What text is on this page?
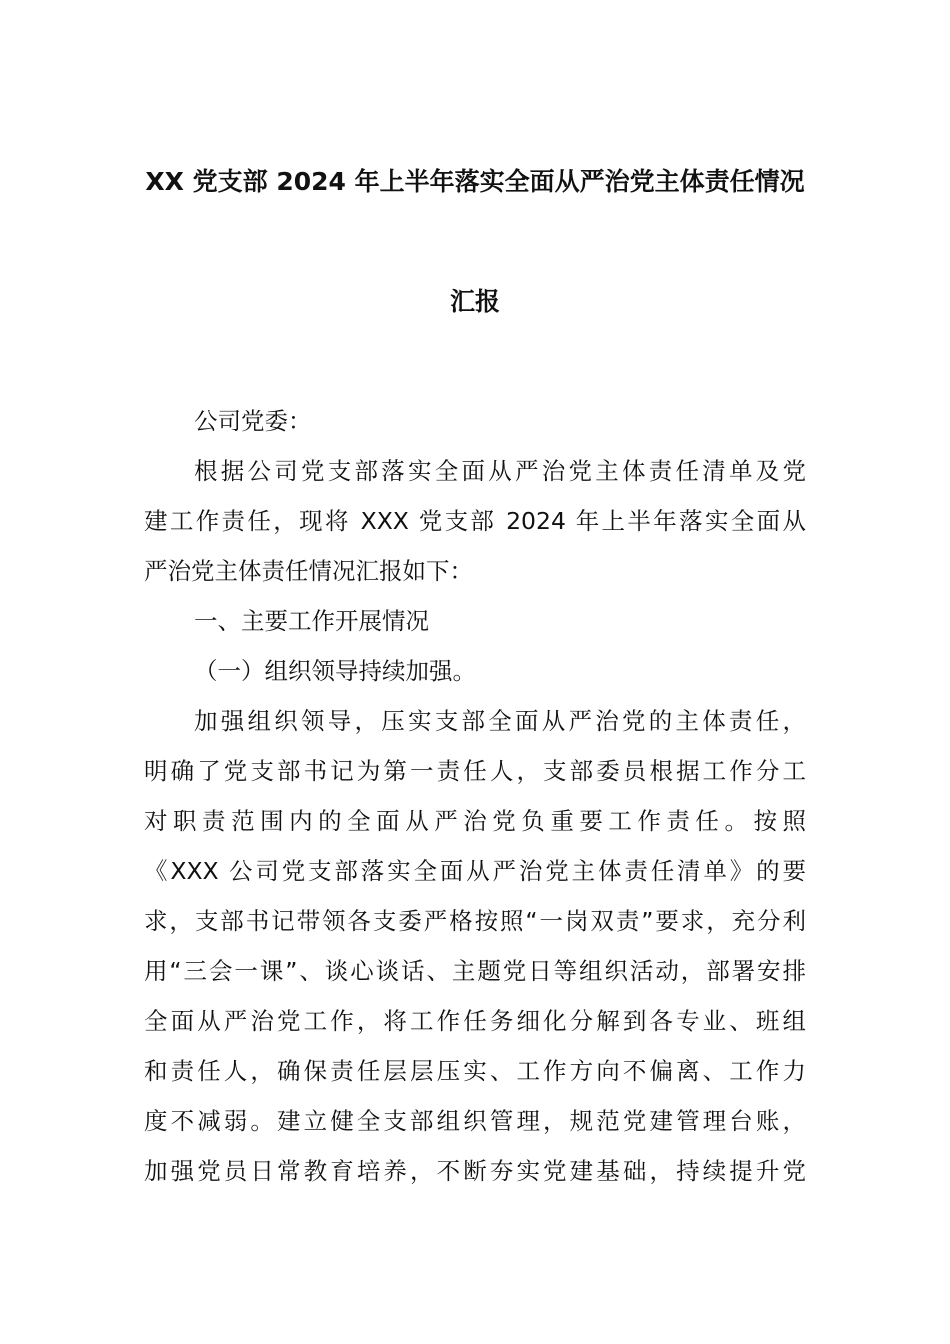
XX 党支部 2024 年上半年落实全面从严治党主体责任情况
汇报
公司党委：
根据公司党支部落实全面从严治党主体责任清单及党
建工作责任，现将 XXX 党支部 2024 年上半年落实全面从
严治党主体责任情况汇报如下：
一、主要工作开展情况
（一）组织领导持续加强。
加强组织领导，压实支部全面从严治党的主体责任，
明确了党支部书记为第一责任人，支部委员根据工作分工
对职责范围内的全面从严治党负重要工作责任。按照
《XXX 公司党支部落实全面从严治党主体责任清单》的要
求，支部书记带领各支委严格按照“一岗双责”要求，充分利
用“三会一课”、谈心谈话、主题党日等组织活动，部署安排
全面从严治党工作，将工作任务细化分解到各专业、班组
和责任人，确保责任层层压实、工作方向不偏离、工作力
度不减弱。建立健全支部组织管理，规范党建管理台账，
加强党员日常教育培养，不断夯实党建基础，持续提升党
